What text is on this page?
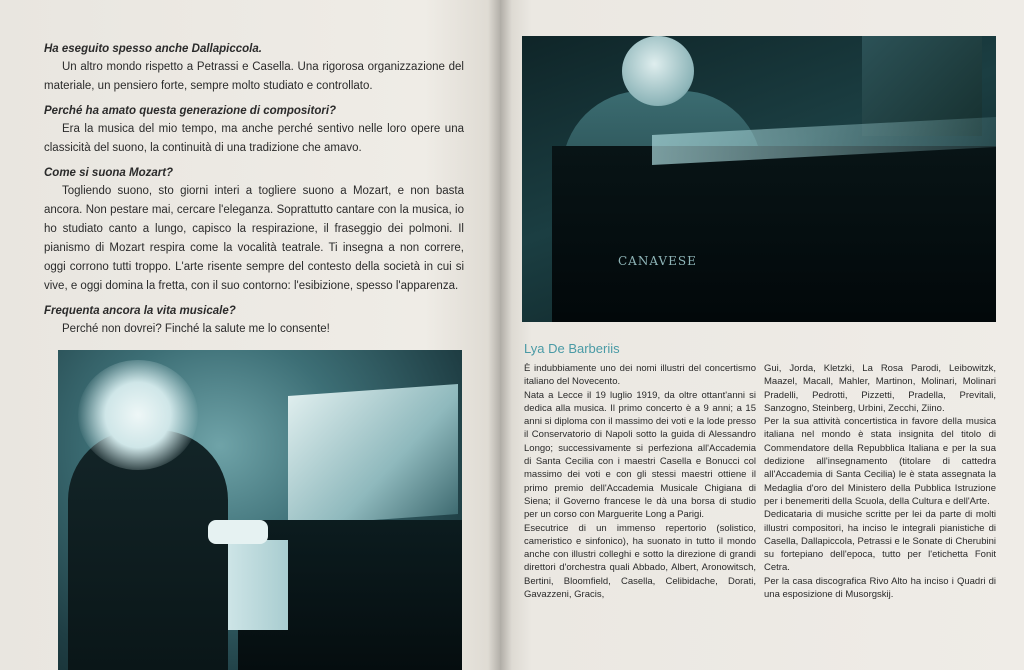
Ha eseguito spesso anche Dallapiccola.

Un altro mondo rispetto a Petrassi e Casella. Una rigorosa organizzazione del materiale, un pensiero forte, sempre molto studiato e controllato.

Perché ha amato questa generazione di compositori?

Era la musica del mio tempo, ma anche perché sentivo nelle loro opere una classicità del suono, la continuità di una tradizione che amavo.

Come si suona Mozart?

Togliendo suono, sto giorni interi a togliere suono a Mozart, e non basta ancora. Non pestare mai, cercare l'eleganza. Soprattutto cantare con la musica, io ho studiato canto a lungo, capisco la respirazione, il fraseggio dei polmoni. Il pianismo di Mozart respira come la vocalità teatrale. Ti insegna a non correre, oggi corrono tutti troppo. L'arte risente sempre del contesto della società in cui si vive, e oggi domina la fretta, con il suo contorno: l'esibizione, spesso l'apparenza.

Frequenta ancora la vita musicale?

Perché non dovrei? Finché la salute me lo consente!

CANAVESE
Lya De Barberiis

È indubbiamente uno dei nomi illustri del concertismo italiano del Novecento.

Nata a Lecce il 19 luglio 1919, da oltre ottant'anni si dedica alla musica. Il primo concerto è a 9 anni; a 15 anni si diploma con il massimo dei voti e la lode presso il Conservatorio di Napoli sotto la guida di Alessandro Longo; successivamente si perfeziona all'Accademia di Santa Cecilia con i maestri Casella e Bonucci col massimo dei voti e con gli stessi maestri ottiene il primo premio dell'Accademia Musicale Chigiana di Siena; il Governo francese le dà una borsa di studio per un corso con Marguerite Long a Parigi.

Esecutrice di un immenso repertorio (solistico, cameristico e sinfonico), ha suonato in tutto il mondo anche con illustri colleghi e sotto la direzione di grandi direttori d'orchestra quali Abbado, Albert, Aronowitsch, Bertini, Bloomfield, Casella, Celibidache, Dorati, Gavazzeni, Gracis,

Gui, Jorda, Kletzki, La Rosa Parodi, Leibowitzk, Maazel, Macall, Mahler, Martinon, Molinari, Molinari Pradelli, Pedrotti, Pizzetti, Pradella, Previtali, Sanzogno, Steinberg, Urbini, Zecchi, Ziino.

Per la sua attività concertistica in favore della musica italiana nel mondo è stata insignita del titolo di Commendatore della Repubblica Italiana e per la sua dedizione all'insegnamento (titolare di cattedra all'Accademia di Santa Cecilia) le è stata assegnata la Medaglia d'oro del Ministero della Pubblica Istruzione per i benemeriti della Scuola, della Cultura e dell'Arte.

Dedicataria di musiche scritte per lei da parte di molti illustri compositori, ha inciso le integrali pianistiche di Casella, Dallapiccola, Petrassi e le Sonate di Cherubini su fortepiano dell'epoca, tutto per l'etichetta Fonit Cetra.

Per la casa discografica Rivo Alto ha inciso i Quadri di una esposizione di Musorgskij.
